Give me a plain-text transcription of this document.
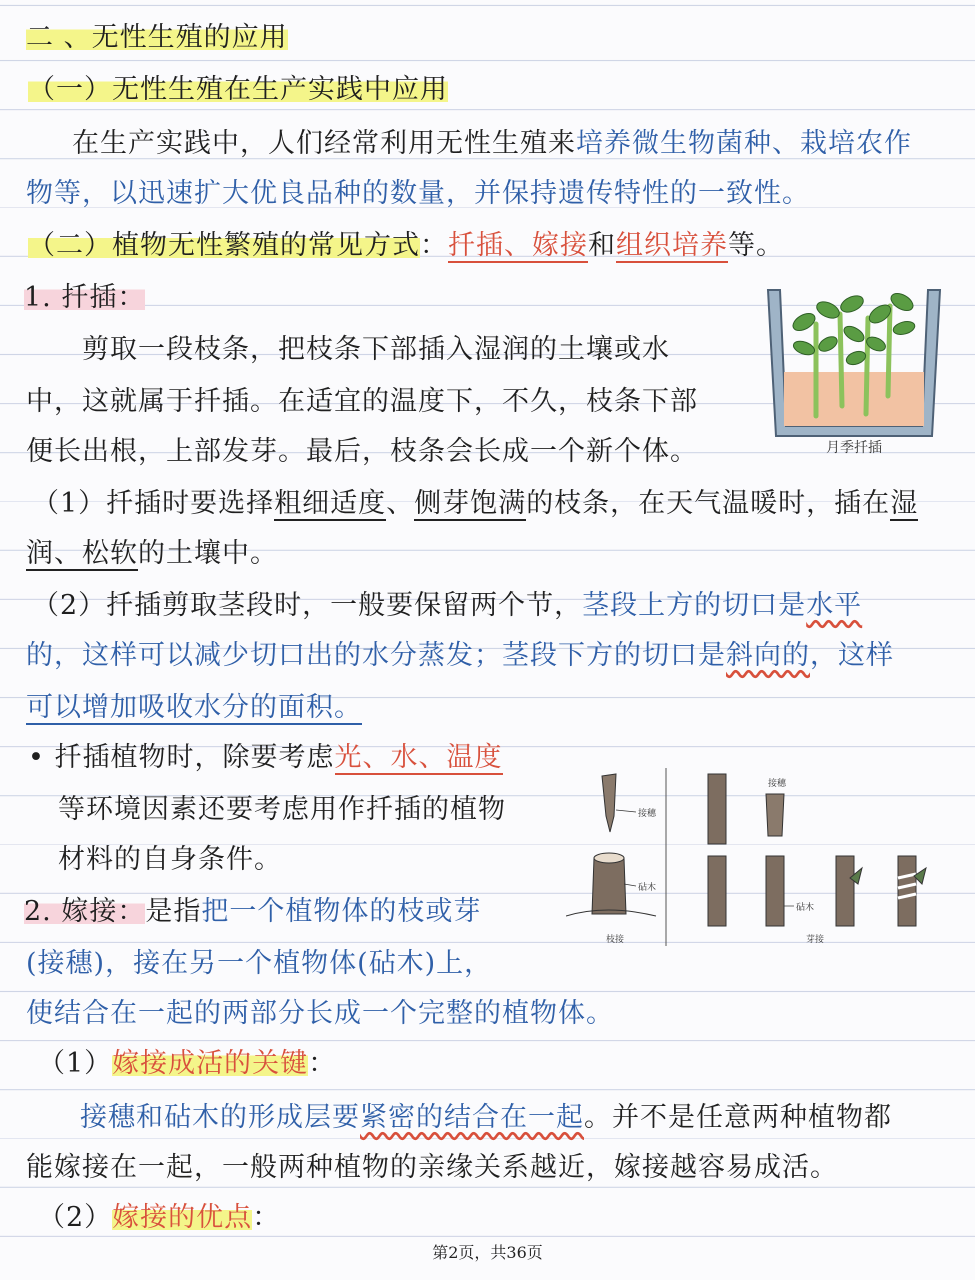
二 、无性生殖的应用
（一）无性生殖在生产实践中应用
在生产实践中，人们经常利用无性生殖来培养微生物菌种、栽培农作
物等，以迅速扩大优良品种的数量，并保持遗传特性的一致性。
（二）植物无性繁殖的常见方式：扦插、嫁接和组织培养等。
1. 扦插：
剪取一段枝条，把枝条下部插入湿润的土壤或水
中，这就属于扦插。在适宜的温度下，不久，枝条下部
便长出根，上部发芽。最后，枝条会长成一个新个体。	月季扦插
（1）扦插时要选择粗细适度、侧芽饱满的枝条，在天气温暖时，插在湿
润、松软的土壤中。
（2）扦插剪取茎段时，一般要保留两个节，茎段上方的切口是水平
的，这样可以减少切口出的水分蒸发；茎段下方的切口是斜向的，这样
可以增加吸收水分的面积。
• 扦插植物时，除要考虑光、水、温度
等环境因素还要考虑用作扦插的植物
材料的自身条件。
接穗
砧木
枝接
接穗
砧木
芽接
2. 嫁接：是指把一个植物体的枝或芽
(接穗)，接在另一个植物体(砧木)上，
使结合在一起的两部分长成一个完整的植物体。
（1）嫁接成活的关键：
接穗和砧木的形成层要紧密的结合在一起。并不是任意两种植物都
能嫁接在一起，一般两种植物的亲缘关系越近，嫁接越容易成活。
（2）嫁接的优点：
第2页，共36页
